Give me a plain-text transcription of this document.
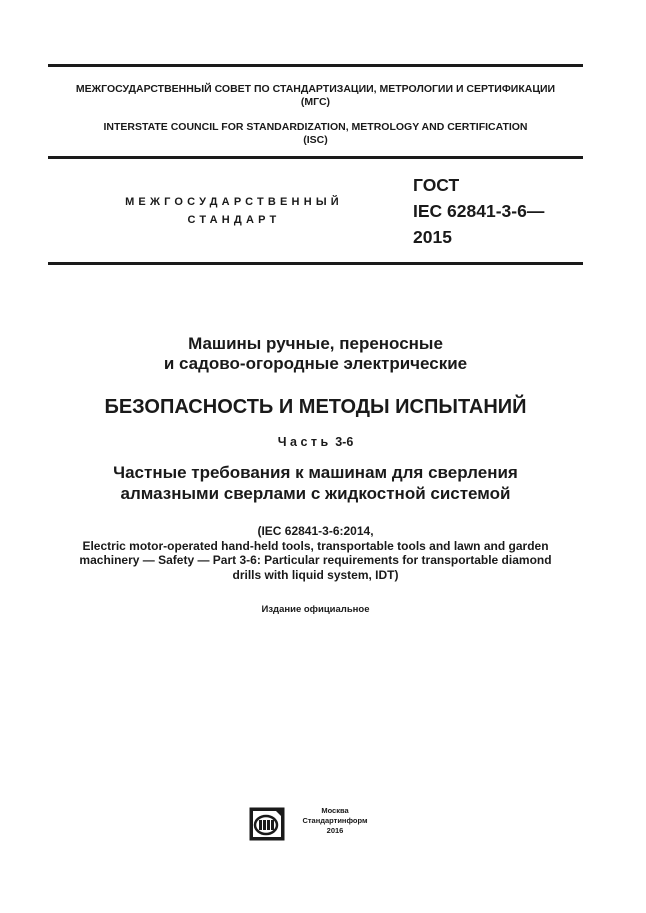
МЕЖГОСУДАРСТВЕННЫЙ СОВЕТ ПО СТАНДАРТИЗАЦИИ, МЕТРОЛОГИИ И СЕРТИФИКАЦИИ
(МГС)
INTERSTATE COUNCIL FOR STANDARDIZATION, METROLOGY AND CERTIFICATION
(ISC)
МЕЖГОСУДАРСТВЕННЫЙ
СТАНДАРТ
ГОСТ
IEC 62841-3-6—
2015
Машины ручные, переносные
и садово-огородные электрические
БЕЗОПАСНОСТЬ И МЕТОДЫ ИСПЫТАНИЙ
Часть 3-6
Частные требования к машинам для сверления
алмазными сверлами с жидкостной системой
(IEC 62841-3-6:2014,
Electric motor-operated hand-held tools, transportable tools and lawn and garden
machinery — Safety — Part 3-6: Particular requirements for transportable diamond
drills with liquid system, IDT)
Издание официальное
Москва
Стандартинформ
2016
